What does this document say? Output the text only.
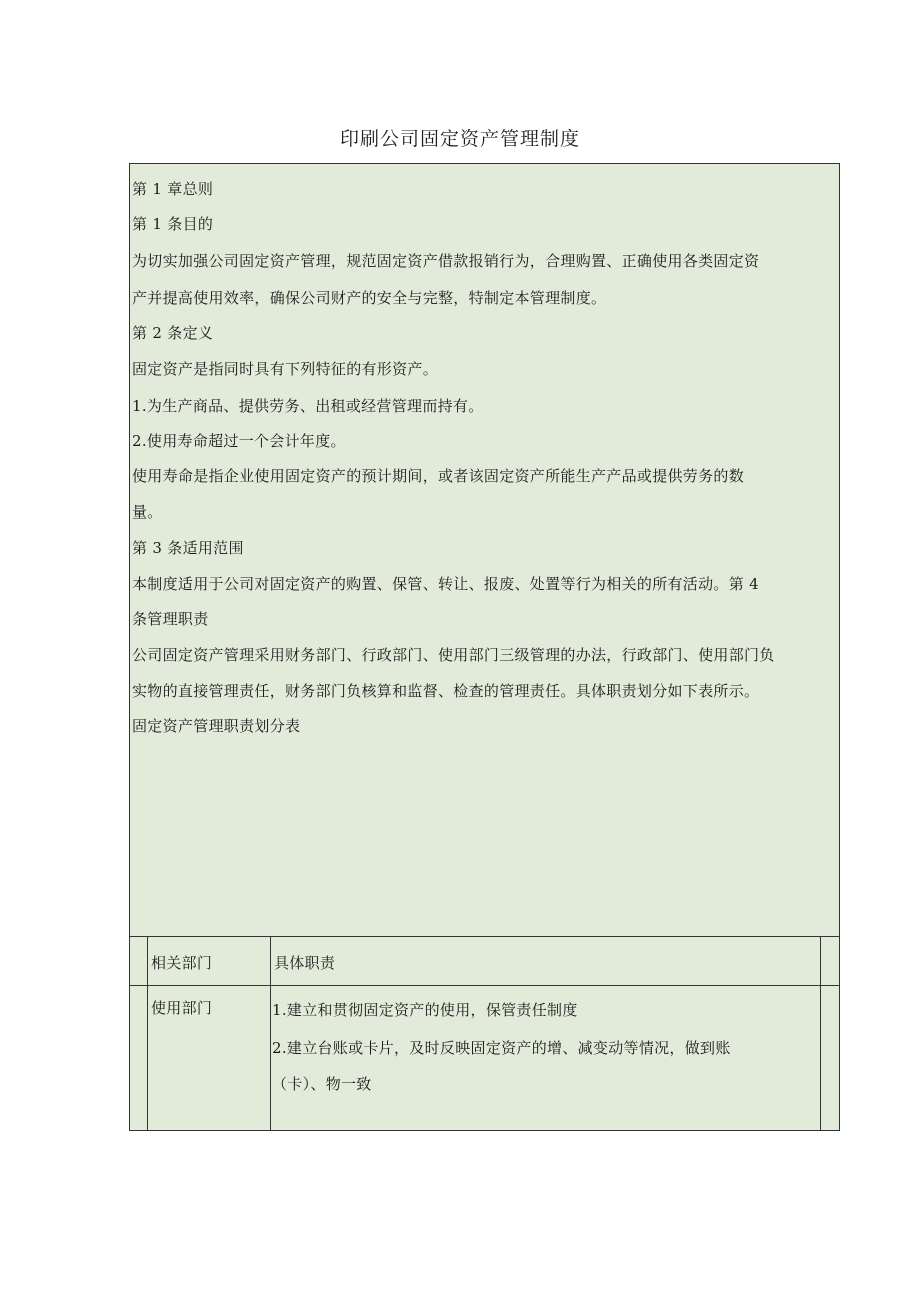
印刷公司固定资产管理制度
第 1 章总则
第 1 条目的
为切实加强公司固定资产管理，规范固定资产借款报销行为，合理购置、正确使用各类固定资
产并提高使用效率，确保公司财产的安全与完整，特制定本管理制度。
第 2 条定义
固定资产是指同时具有下列特征的有形资产。
1.为生产商品、提供劳务、出租或经营管理而持有。
2.使用寿命超过一个会计年度。
使用寿命是指企业使用固定资产的预计期间，或者该固定资产所能生产产品或提供劳务的数
量。
第 3 条适用范围
本制度适用于公司对固定资产的购置、保管、转让、报废、处置等行为相关的所有活动。第 4
条管理职责
公司固定资产管理采用财务部门、行政部门、使用部门三级管理的办法，行政部门、使用部门负
实物的直接管理责任，财务部门负核算和监督、检查的管理责任。具体职责划分如下表所示。
固定资产管理职责划分表
相关部门	具体职责
使用部门	1.建立和贯彻固定资产的使用，保管责任制度
2.建立台账或卡片，及时反映固定资产的增、减变动等情况，做到账
（卡）、物一致
